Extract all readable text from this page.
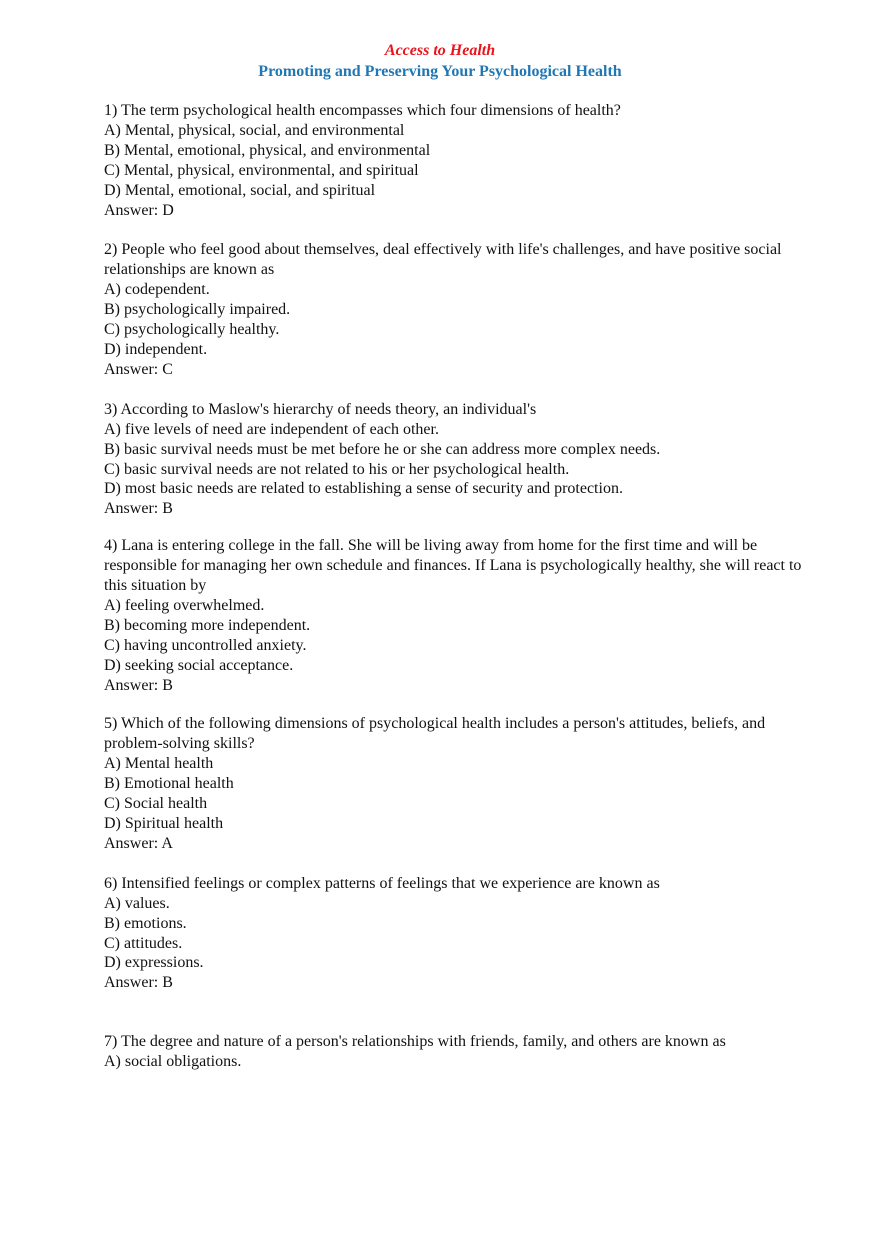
Access to Health
Promoting and Preserving Your Psychological Health

1) The term psychological health encompasses which four dimensions of health?

A) Mental, physical, social, and environmental

B) Mental, emotional, physical, and environmental

C) Mental, physical, environmental, and spiritual

D) Mental, emotional, social, and spiritual

Answer: D

2) People who feel good about themselves, deal effectively with life's challenges, and have positive social relationships are known as

A) codependent.

B) psychologically impaired.

C) psychologically healthy.

D) independent.

Answer: C

3) According to Maslow's hierarchy of needs theory, an individual's

A) five levels of need are independent of each other.

B) basic survival needs must be met before he or she can address more complex needs.

C) basic survival needs are not related to his or her psychological health.

D) most basic needs are related to establishing a sense of security and protection.

Answer: B

4) Lana is entering college in the fall. She will be living away from home for the first time and will be responsible for managing her own schedule and finances. If Lana is psychologically healthy, she will react to this situation by

A) feeling overwhelmed.

B) becoming more independent.

C) having uncontrolled anxiety.

D) seeking social acceptance.

Answer: B

5) Which of the following dimensions of psychological health includes a person's attitudes, beliefs, and problem-solving skills?

A) Mental health

B) Emotional health

C) Social health

D) Spiritual health

Answer: A

6) Intensified feelings or complex patterns of feelings that we experience are known as

A) values.

B) emotions.

C) attitudes.

D) expressions.

Answer: B

7) The degree and nature of a person's relationships with friends, family, and others are known as

A) social obligations.
